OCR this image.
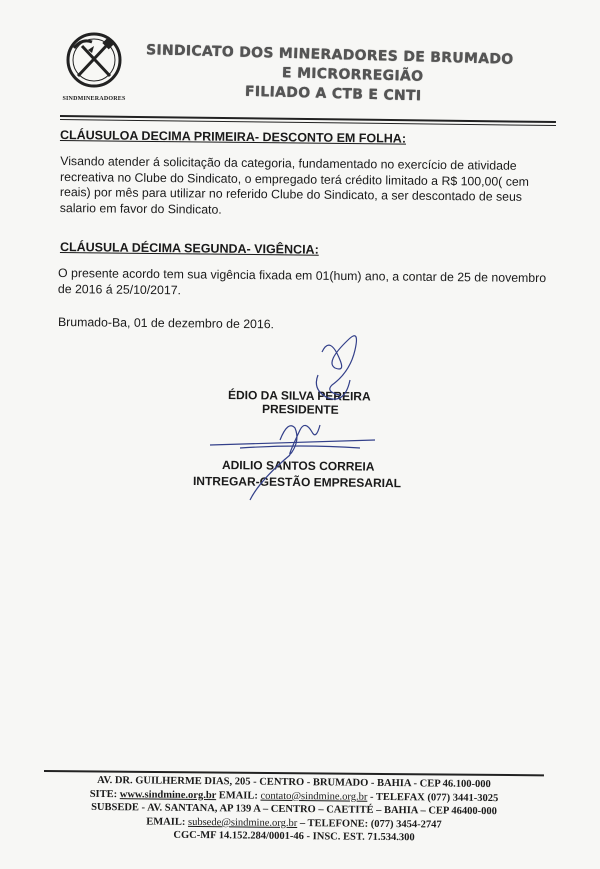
SINDMINERADORES
SINDICATO DOS MINERADORES DE BRUMADO
E MICRORREGIÃO
FILIADO A CTB E CNTI
CLÁUSULOA DECIMA PRIMEIRA- DESCONTO EM FOLHA:
Visando atender á solicitação da categoria, fundamentado no exercício de atividade
recreativa no Clube do Sindicato, o empregado terá crédito limitado a R$ 100,00( cem
reais) por mês para utilizar no referido Clube do Sindicato, a ser descontado de seus
salario em favor do Sindicato.
CLÁUSULA DÉCIMA SEGUNDA- VIGÊNCIA:
O presente acordo tem sua vigência fixada em 01(hum) ano, a contar de 25 de novembro
de 2016 á 25/10/2017.
Brumado-Ba, 01 de dezembro de 2016.
ÉDIO DA SILVA PEREIRA
PRESIDENTE
ADILIO SANTOS CORREIA
INTREGAR-GESTÃO EMPRESARIAL
AV. DR. GUILHERME DIAS, 205 - CENTRO - BRUMADO - BAHIA - CEP 46.100-000
SITE: www.sindmine.org.br EMAIL: contato@sindmine.org.br - TELEFAX (077) 3441-3025
SUBSEDE - AV. SANTANA, AP 139 A – CENTRO – CAETITÉ – BAHIA – CEP 46400-000
EMAIL: subsede@sindmine.org.br – TELEFONE: (077) 3454-2747
CGC-MF 14.152.284/0001-46 - INSC. EST. 71.534.300
